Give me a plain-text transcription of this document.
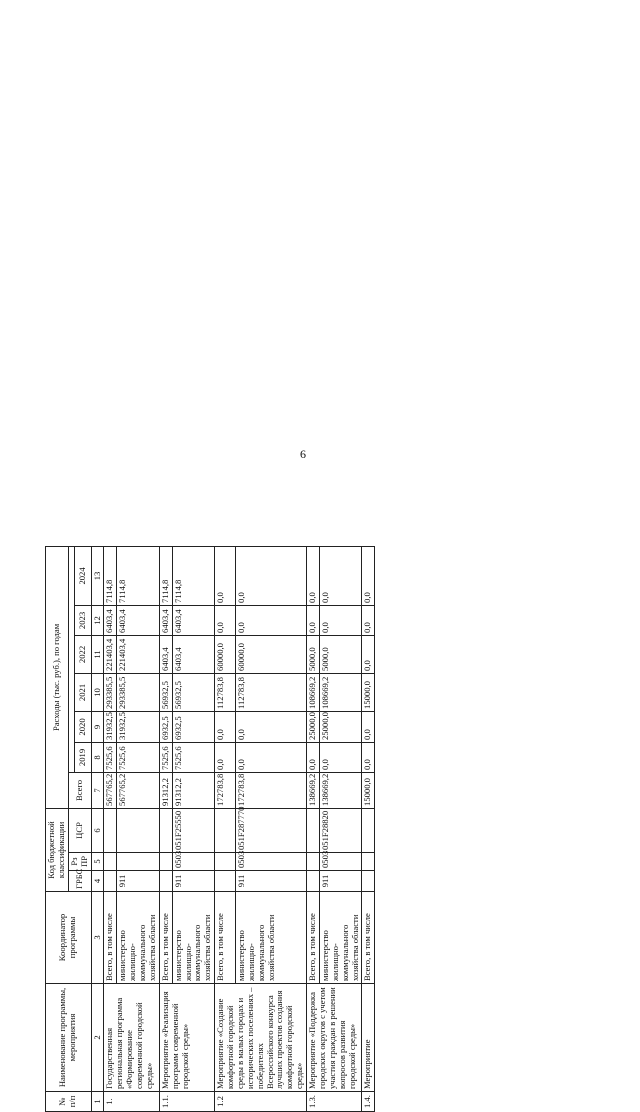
6
№ п/п	Наименование программы, мероприятия	Координатор программы	Код бюджетной классификации			Расходы (тыс. руб.), по годам						
			ГРБС	Рз ПР	ЦСР	Всего						
							2019	2020	2021	2022	2023	2024
1	2	3	4	5	6	7	8	9	10	11	12	13
1.	Государственная региональная программа «Формирование современной городской среды»	Всего, в том числе				567765,2	7525,6	31932,5	293385,5	221403,4	6403,4	7114,8
		министерство жилищно-коммунального хозяйства области	911			567765,2	7525,6	31932,5	293385,5	221403,4	6403,4	7114,8
1.1.	Мероприятие «Реализация программ современной городской среды»	Всего, в том числе				91312,2	7525,6	6932,5	56932,5	6403,4	6403,4	7114,8
		министерство жилищно-коммунального хозяйства области	911	0503	051F25550	91312,2	7525,6	6932,5	56932,5	6403,4	6403,4	7114,8
1.2	Мероприятие «Создание комфортной городской среды в малых городах и исторических поселениях – победителях Всероссийского конкурса лучших проектов создания комфортной городской среды»	Всего, в том числе				172783,8	0,0	0,0	112783,8	60000,0	0,0	0,0
		министерство жилищно-коммунального хозяйства области	911	0503	051F287770	172783,8	0,0	0,0	112783,8	60000,0	0,0	0,0
1.3.	Мероприятие «Поддержка городских округов с учетом участия граждан в решении вопросов развития городской среды»	Всего, в том числе				138669,2	0,0	25000,0	108669,2	5000,0	0,0	0,0
		министерство жилищно-коммунального хозяйства области	911	0503	051F28820	138669,2	0,0	25000,0	108669,2	5000,0	0,0	0,0
1.4.	Мероприятие	Всего, в том числе				15000,0	0,0	0,0	15000,0	0,0	0,0	0,0
